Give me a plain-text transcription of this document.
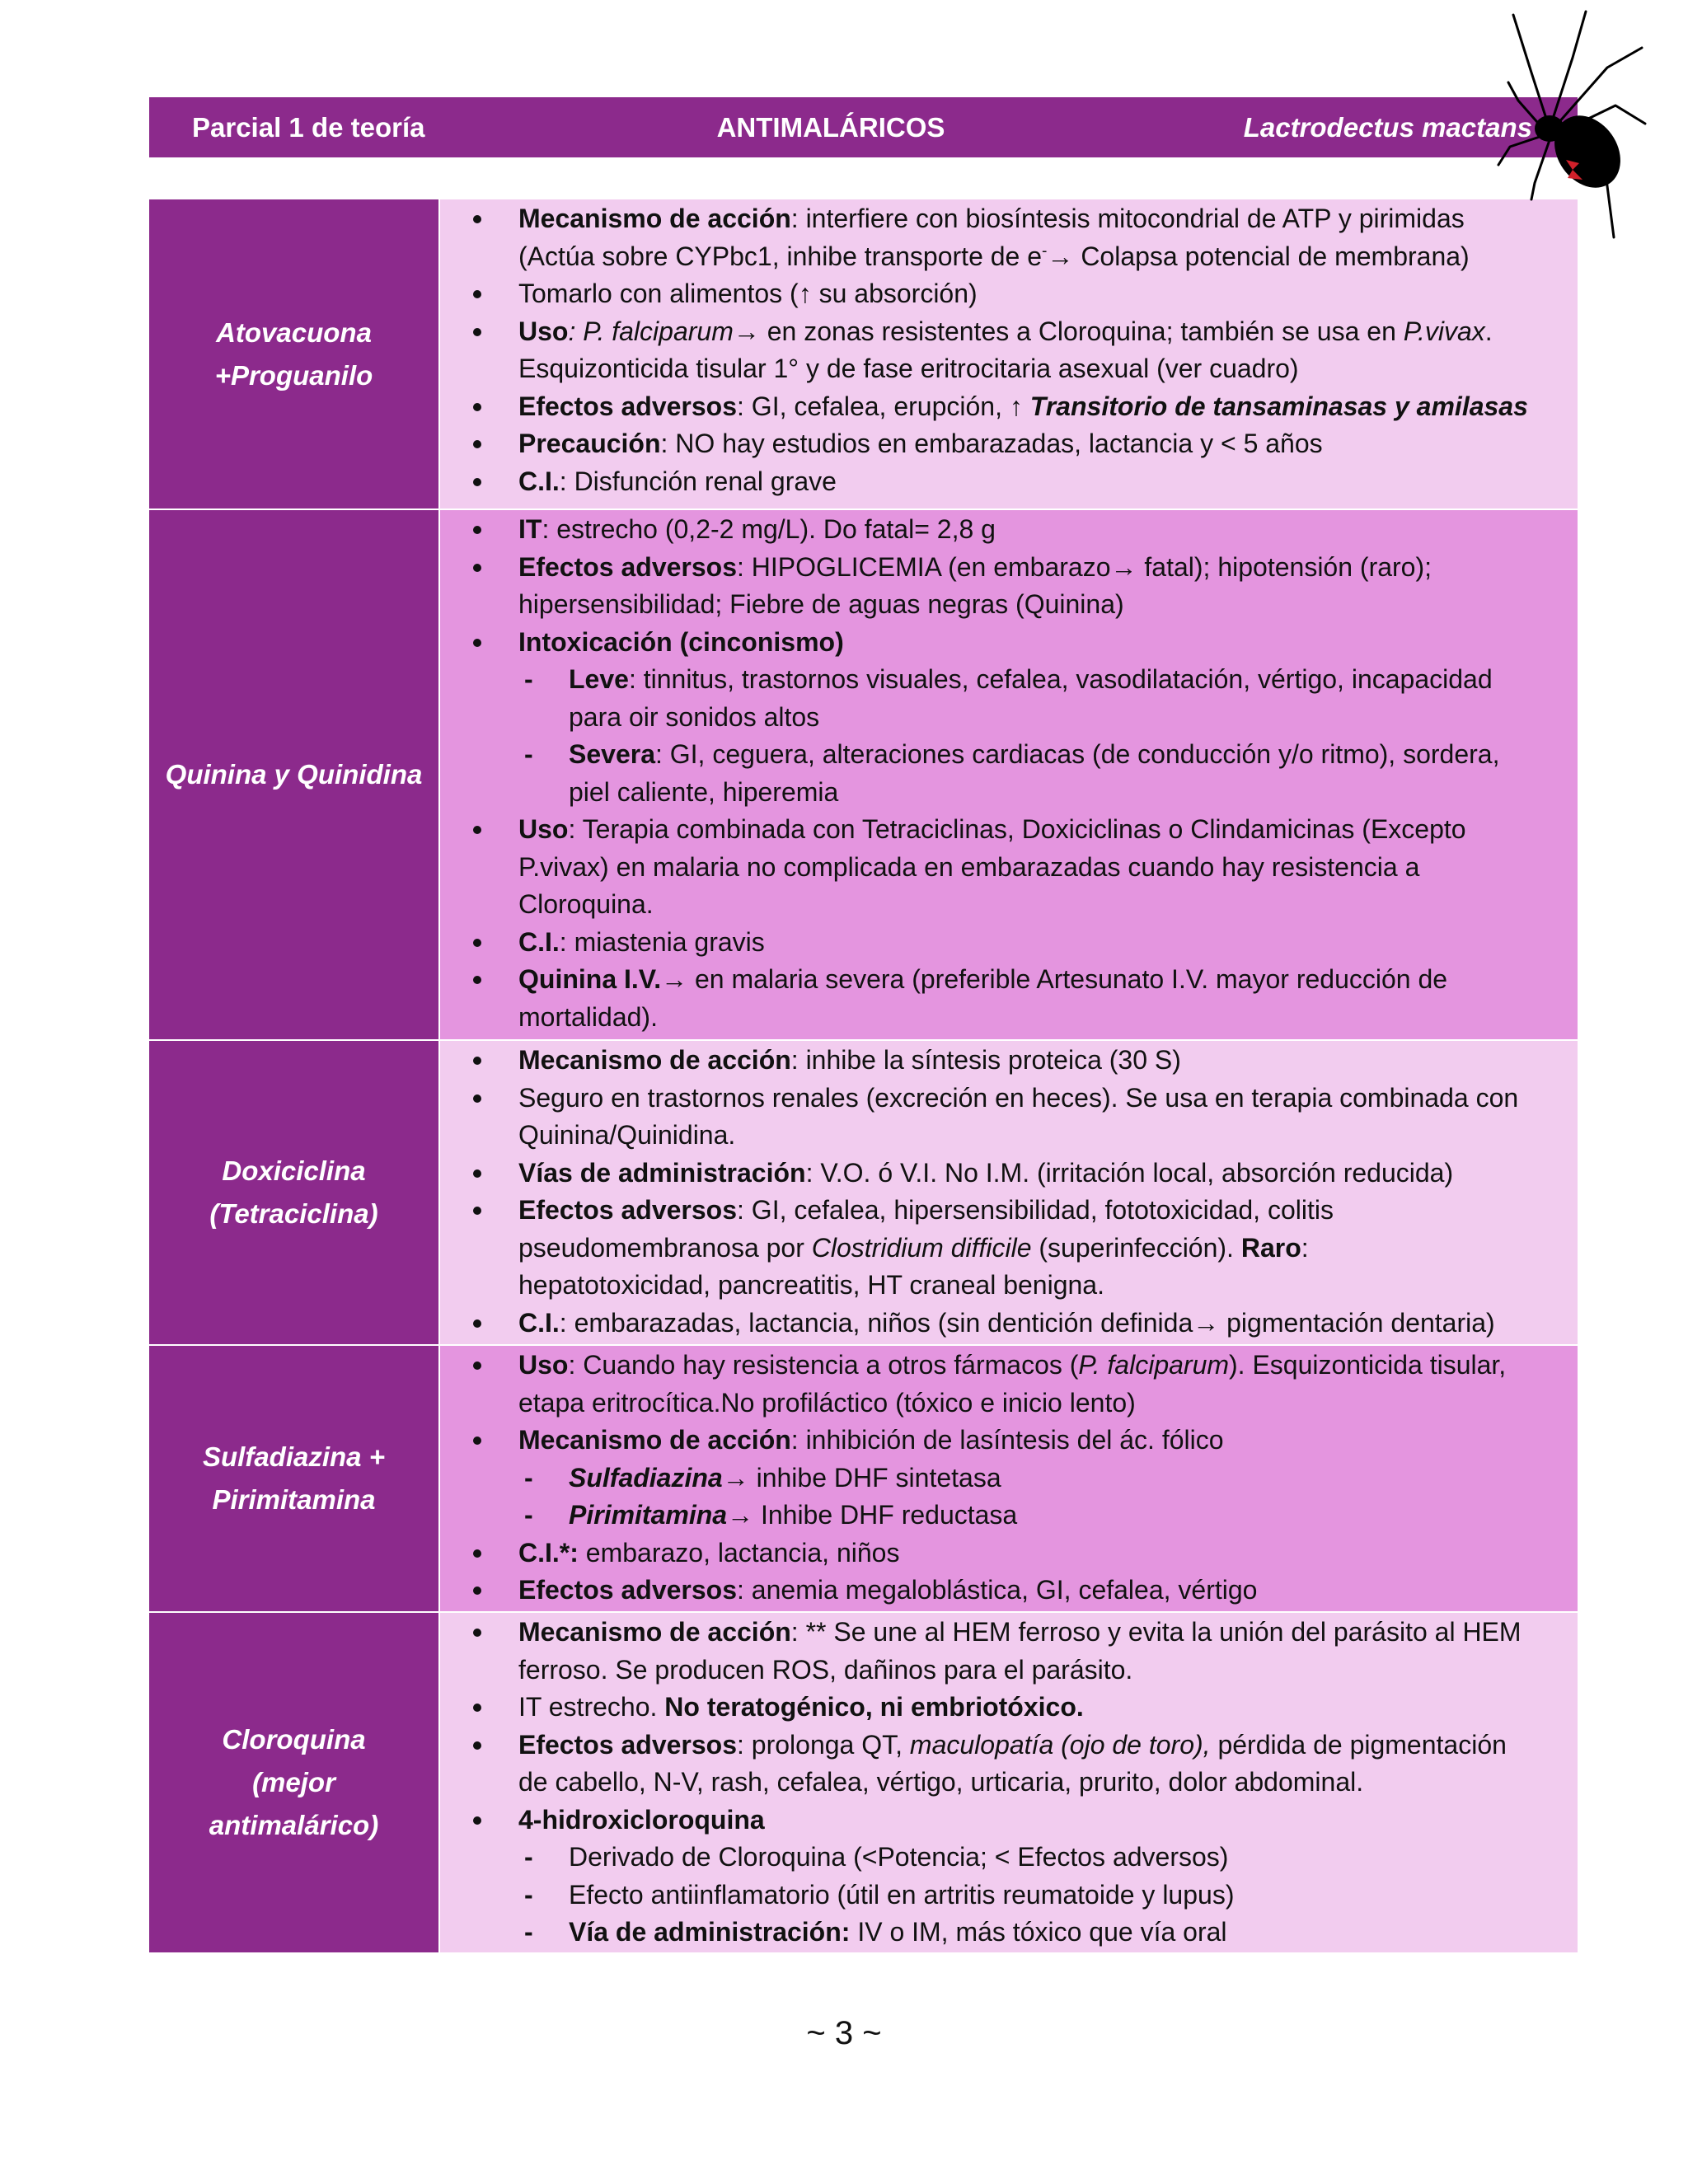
Parcial 1 de teoría	ANTIMALÁRICOS	Lactrodectus mactans
Atovacuona
+Proguanilo
Mecanismo de acción: interfiere con biosíntesis mitocondrial de ATP y pirimidas
(Actúa sobre CYPbc1, inhibe transporte de e-→ Colapsa potencial de membrana)
Tomarlo con alimentos (↑ su absorción)
Uso: P. falciparum→ en zonas resistentes a Cloroquina; también se usa en P.vivax.
Esquizonticida tisular 1° y de fase eritrocitaria asexual (ver cuadro)
Efectos adversos: GI, cefalea, erupción, ↑ Transitorio de tansaminasas y amilasas
Precaución: NO hay estudios en embarazadas, lactancia y < 5 años
C.I.: Disfunción renal grave
Quinina y Quinidina
IT: estrecho (0,2-2 mg/L). Do fatal= 2,8 g
Efectos adversos: HIPOGLICEMIA (en embarazo→ fatal); hipotensión (raro);
hipersensibilidad; Fiebre de aguas negras (Quinina)
Intoxicación (cinconismo)
- Leve: tinnitus, trastornos visuales, cefalea, vasodilatación, vértigo, incapacidad
para oir sonidos altos
- Severa: GI, ceguera, alteraciones cardiacas (de conducción y/o ritmo), sordera,
piel caliente, hiperemia
Uso: Terapia combinada con Tetraciclinas, Doxiciclinas o Clindamicinas (Excepto
P.vivax) en malaria no complicada en embarazadas cuando hay resistencia a
Cloroquina.
C.I.: miastenia gravis
Quinina I.V.→ en malaria severa (preferible Artesunato I.V. mayor reducción de
mortalidad).
Doxiciclina
(Tetraciclina)
Mecanismo de acción: inhibe la síntesis proteica (30 S)
Seguro en trastornos renales (excreción en heces). Se usa en terapia combinada con
Quinina/Quinidina.
Vías de administración: V.O. ó V.I. No I.M. (irritación local, absorción reducida)
Efectos adversos: GI, cefalea, hipersensibilidad, fototoxicidad, colitis
pseudomembranosa por Clostridium difficile (superinfección). Raro:
hepatotoxicidad, pancreatitis, HT craneal benigna.
C.I.: embarazadas, lactancia, niños (sin dentición definida→ pigmentación dentaria)
Sulfadiazina +
Pirimitamina
Uso: Cuando hay resistencia a otros fármacos (P. falciparum). Esquizonticida tisular,
etapa eritrocítica.No profiláctico (tóxico e inicio lento)
Mecanismo de acción: inhibición de lasíntesis del ác. fólico
- Sulfadiazina→ inhibe DHF sintetasa
- Pirimitamina→ Inhibe DHF reductasa
C.I.*: embarazo, lactancia, niños
Efectos adversos: anemia megaloblástica, GI, cefalea, vértigo
Cloroquina
(mejor
antimalárico)
Mecanismo de acción: ** Se une al HEM ferroso y evita la unión del parásito al HEM
ferroso. Se producen ROS, dañinos para el parásito.
IT estrecho. No teratogénico, ni embriotóxico.
Efectos adversos: prolonga QT, maculopatía (ojo de toro), pérdida de pigmentación
de cabello, N-V, rash, cefalea, vértigo, urticaria, prurito, dolor abdominal.
4-hidroxicloroquina
- Derivado de Cloroquina (<Potencia; < Efectos adversos)
- Efecto antiinflamatorio (útil en artritis reumatoide y lupus)
- Vía de administración: IV o IM, más tóxico que vía oral
~ 3 ~
